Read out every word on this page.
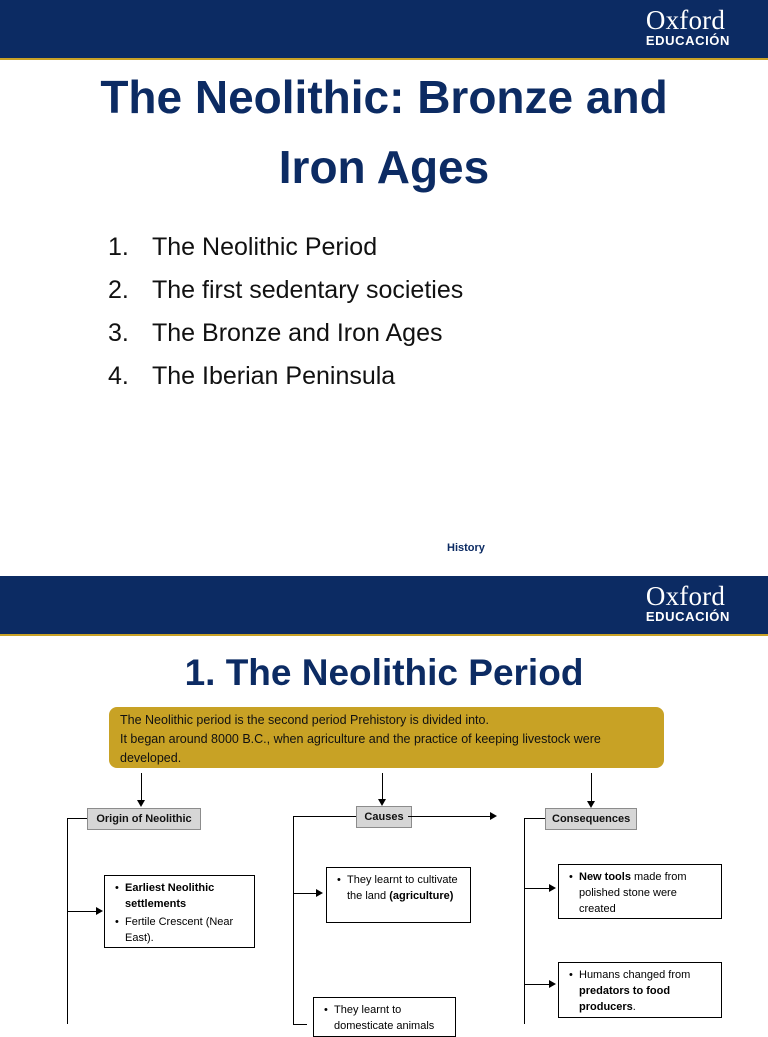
Oxford
EDUCACIÓN
The Neolithic: Bronze and Iron Ages
1. The Neolithic Period
2. The first sedentary societies
3. The Bronze and Iron Ages
4. The Iberian Peninsula
History
Oxford
EDUCACIÓN
1. The Neolithic Period
The Neolithic period is the second period Prehistory is divided into.
It began around 8000 B.C., when agriculture and the practice of keeping livestock were developed.
Origin of Neolithic	Causes	Consequences
• Earliest Neolithic settlements
• Fertile Crescent (Near East).
• They learnt to cultivate the land (agriculture)
• They learnt to domesticate animals
• New tools made from polished stone were created
• Humans changed from predators to food producers.
